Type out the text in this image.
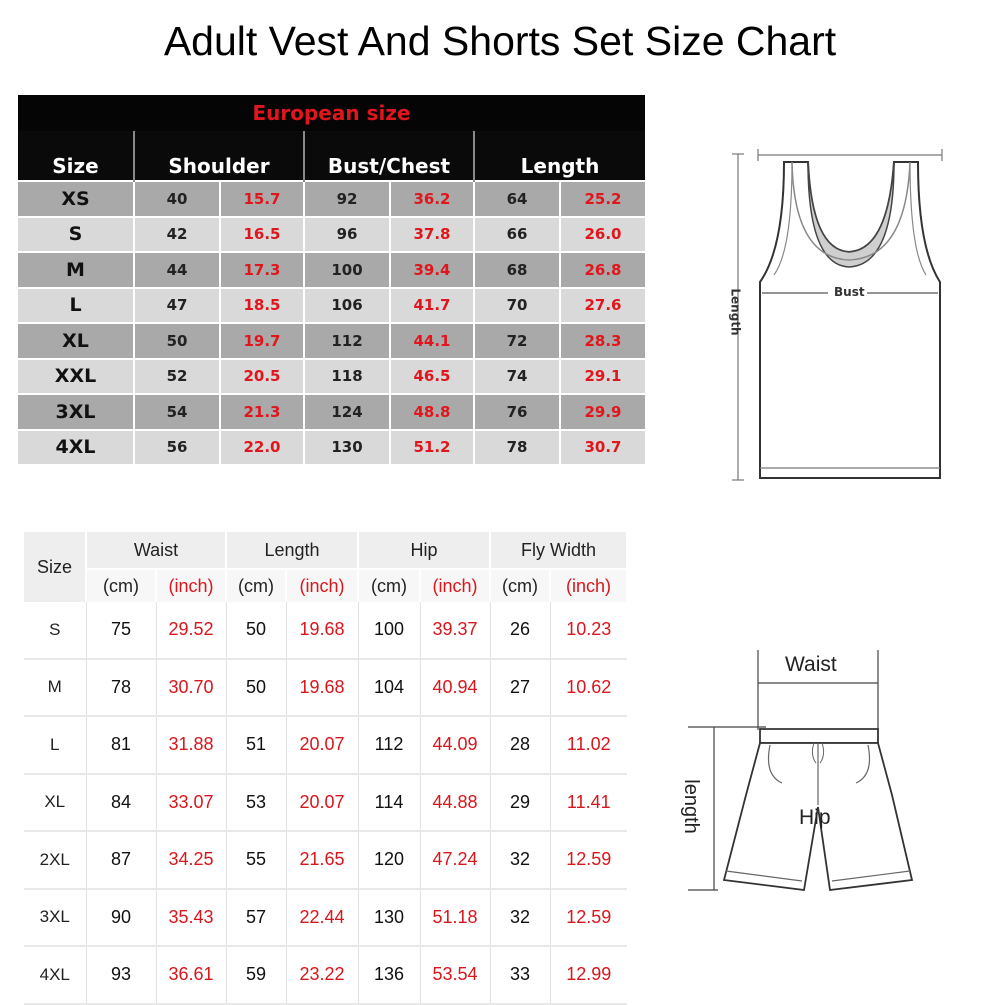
Adult Vest And Shorts Set Size Chart
European size						
Size	Shoulder		Bust/Chest		Length	
XS	40	15.7	92	36.2	64	25.2
S	42	16.5	96	37.8	66	26.0
M	44	17.3	100	39.4	68	26.8
L	47	18.5	106	41.7	70	27.6
XL	50	19.7	112	44.1	72	28.3
XXL	52	20.5	118	46.5	74	29.1
3XL	54	21.3	124	48.8	76	29.9
4XL	56	22.0	130	51.2	78	30.7
Bust
Length
Size	Waist		Length		Hip		Fly Width	
	(cm)	(inch)	(cm)	(inch)	(cm)	(inch)	(cm)	(inch)
S	75	29.52	50	19.68	100	39.37	26	10.23
M	78	30.70	50	19.68	104	40.94	27	10.62
L	81	31.88	51	20.07	112	44.09	28	11.02
XL	84	33.07	53	20.07	114	44.88	29	11.41
2XL	87	34.25	55	21.65	120	47.24	32	12.59
3XL	90	35.43	57	22.44	130	51.18	32	12.59
4XL	93	36.61	59	23.22	136	53.54	33	12.99
Waist
Hip
length
